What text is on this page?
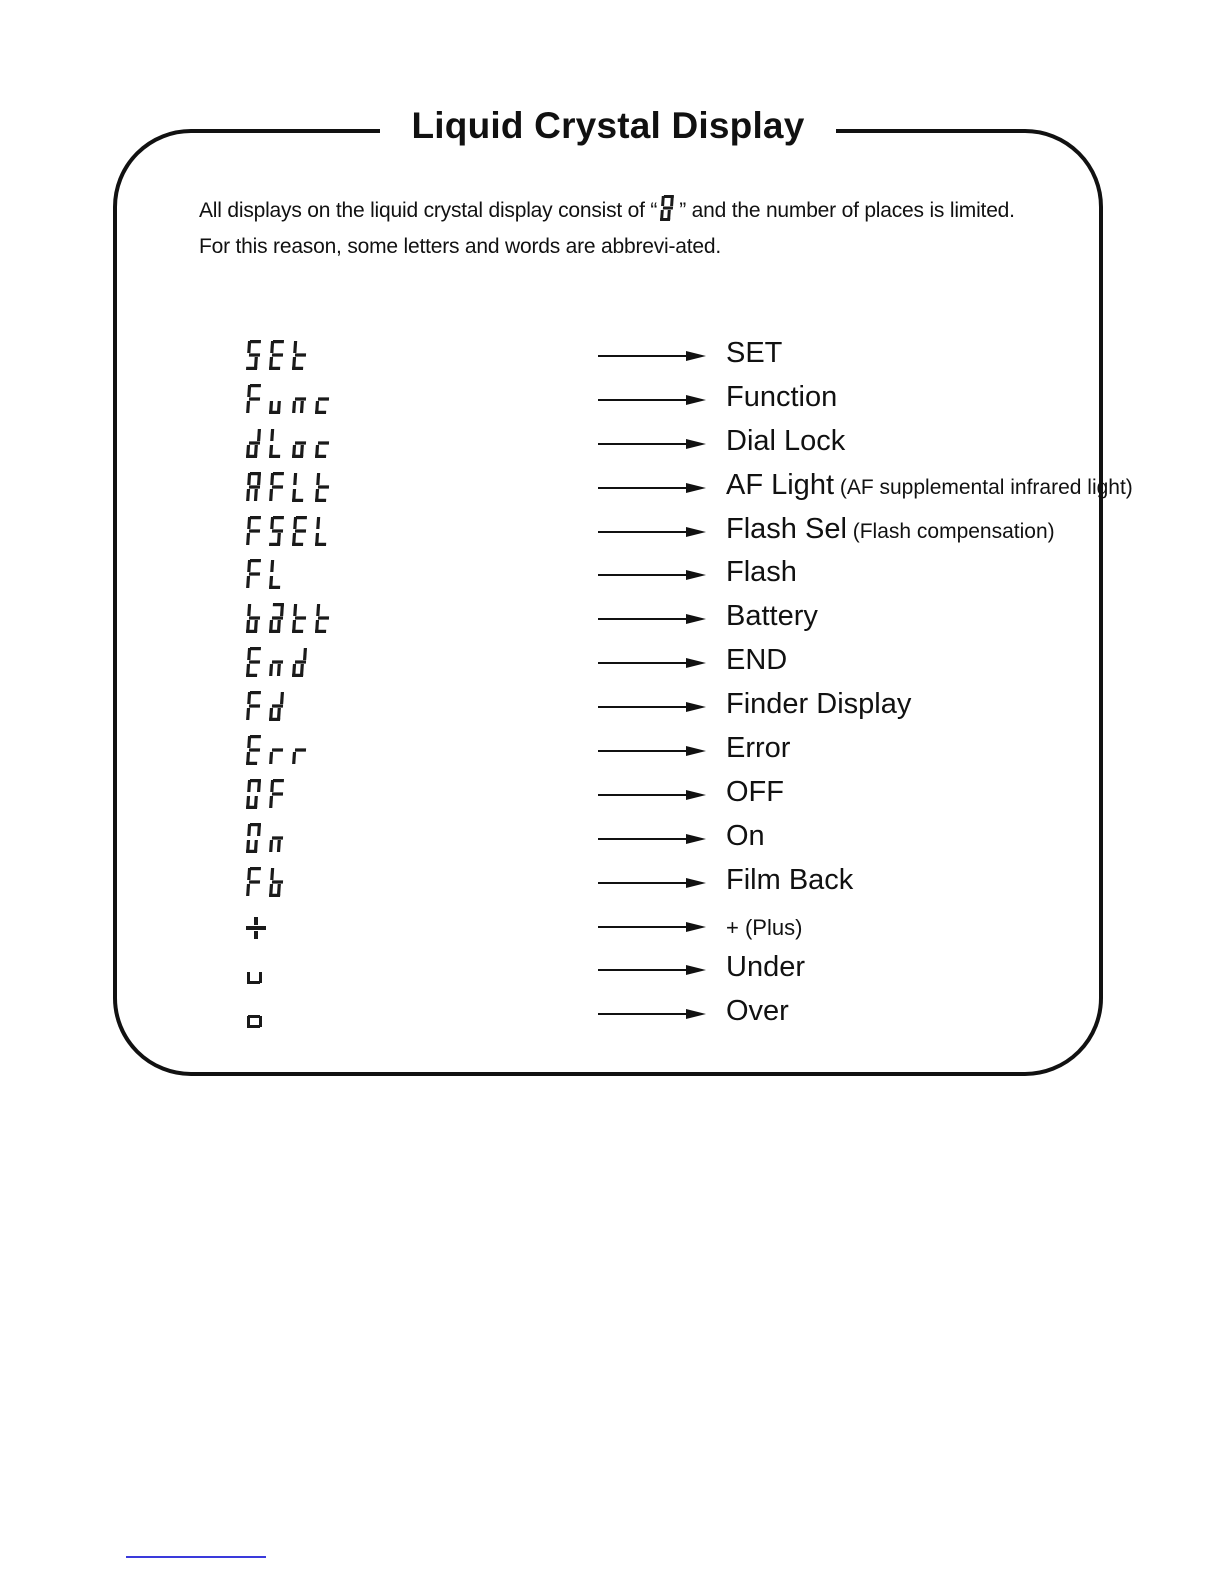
Liquid Crystal Display
All displays on the liquid crystal display consist of “ ” and the number of places is limited. For this reason, some letters and words are abbrevi-ated.
SET
Function
Dial Lock
AF Light (AF supplemental infrared light)
Flash Sel (Flash compensation)
Flash
Battery
END
Finder Display
Error
OFF
On
Film Back
+ (Plus)
Under
Over
